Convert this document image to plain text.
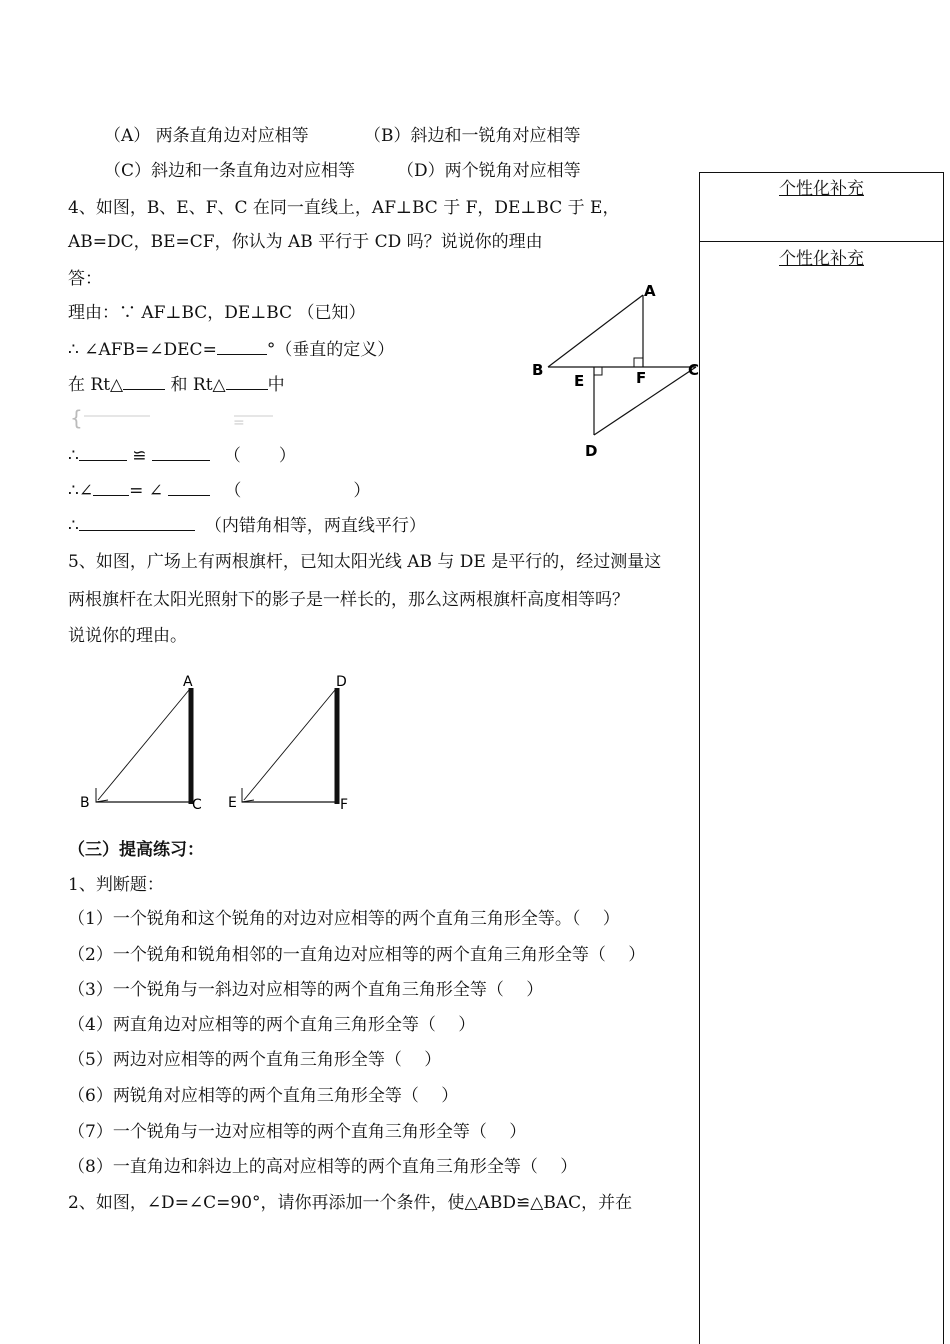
（A） 两条直角边对应相等	（B）斜边和一锐角对应相等
（C）斜边和一条直角边对应相等 （D）两个锐角对应相等
4、如图，B、E、F、C 在同一直线上，AF⊥BC 于 F，DE⊥BC 于 E，
AB=DC，BE=CF，你认为 AB 平行于 CD 吗？说说你的理由
答：
理由：∵ AF⊥BC，DE⊥BC （已知）
∴ ∠AFB=∠DEC=	°（垂直的定义）
在 Rt△ 和 Rt△ 中
{	=
∴	≌	（ ）
∴∠ = ∠	（	）
∴	（内错角相等，两直线平行）
A
B	C
D
E	F
5、如图，广场上有两根旗杆，已知太阳光线 AB 与 DE 是平行的，经过测量这
两根旗杆在太阳光照射下的影子是一样长的，那么这两根旗杆高度相等吗？
说说你的理由。
A
B	C
D
E	F
（三）提高练习：
1、判断题：
（1）一个锐角和这个锐角的对边对应相等的两个直角三角形全等。（　 ）
（2）一个锐角和锐角相邻的一直角边对应相等的两个直角三角形全等（　 ）
（3）一个锐角与一斜边对应相等的两个直角三角形全等（　 ）
（4）两直角边对应相等的两个直角三角形全等（　 ）
（5）两边对应相等的两个直角三角形全等（　 ）
（6）两锐角对应相等的两个直角三角形全等（　 ）
（7）一个锐角与一边对应相等的两个直角三角形全等（　 ）
（8）一直角边和斜边上的高对应相等的两个直角三角形全等（　 ）
2、如图，∠D=∠C=90°，请你再添加一个条件，使△ABD≌△BAC，并在
个性化补充
个性化补充
